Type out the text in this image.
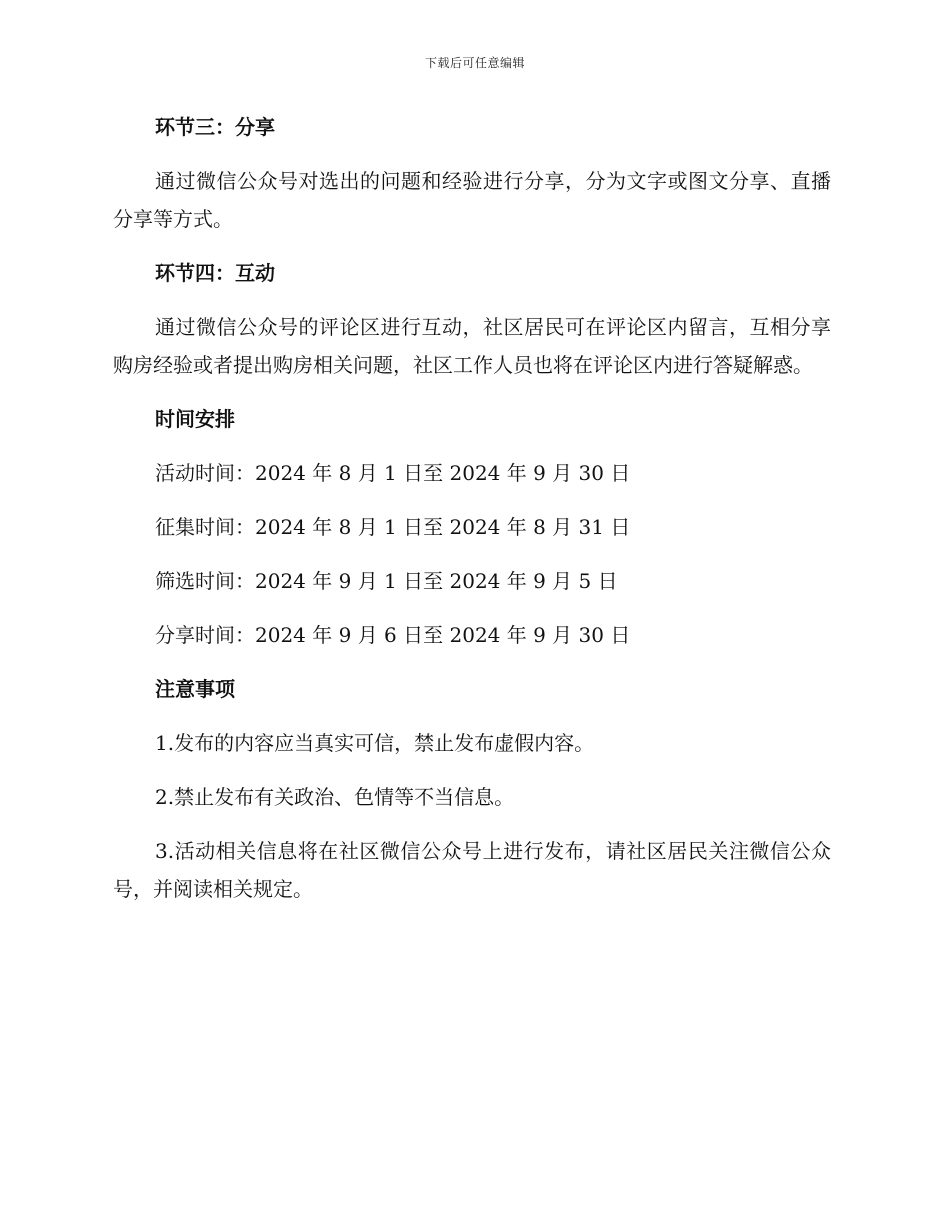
下载后可任意编辑

环节三：分享

通过微信公众号对选出的问题和经验进行分享，分为文字或图文分享、直播分享等方式。

环节四：互动

通过微信公众号的评论区进行互动，社区居民可在评论区内留言，互相分享购房经验或者提出购房相关问题，社区工作人员也将在评论区内进行答疑解惑。

时间安排

活动时间：2024 年 8 月 1 日至 2024 年 9 月 30 日

征集时间：2024 年 8 月 1 日至 2024 年 8 月 31 日

筛选时间：2024 年 9 月 1 日至 2024 年 9 月 5 日

分享时间：2024 年 9 月 6 日至 2024 年 9 月 30 日

注意事项

1.发布的内容应当真实可信，禁止发布虚假内容。

2.禁止发布有关政治、色情等不当信息。

3.活动相关信息将在社区微信公众号上进行发布，请社区居民关注微信公众号，并阅读相关规定。
